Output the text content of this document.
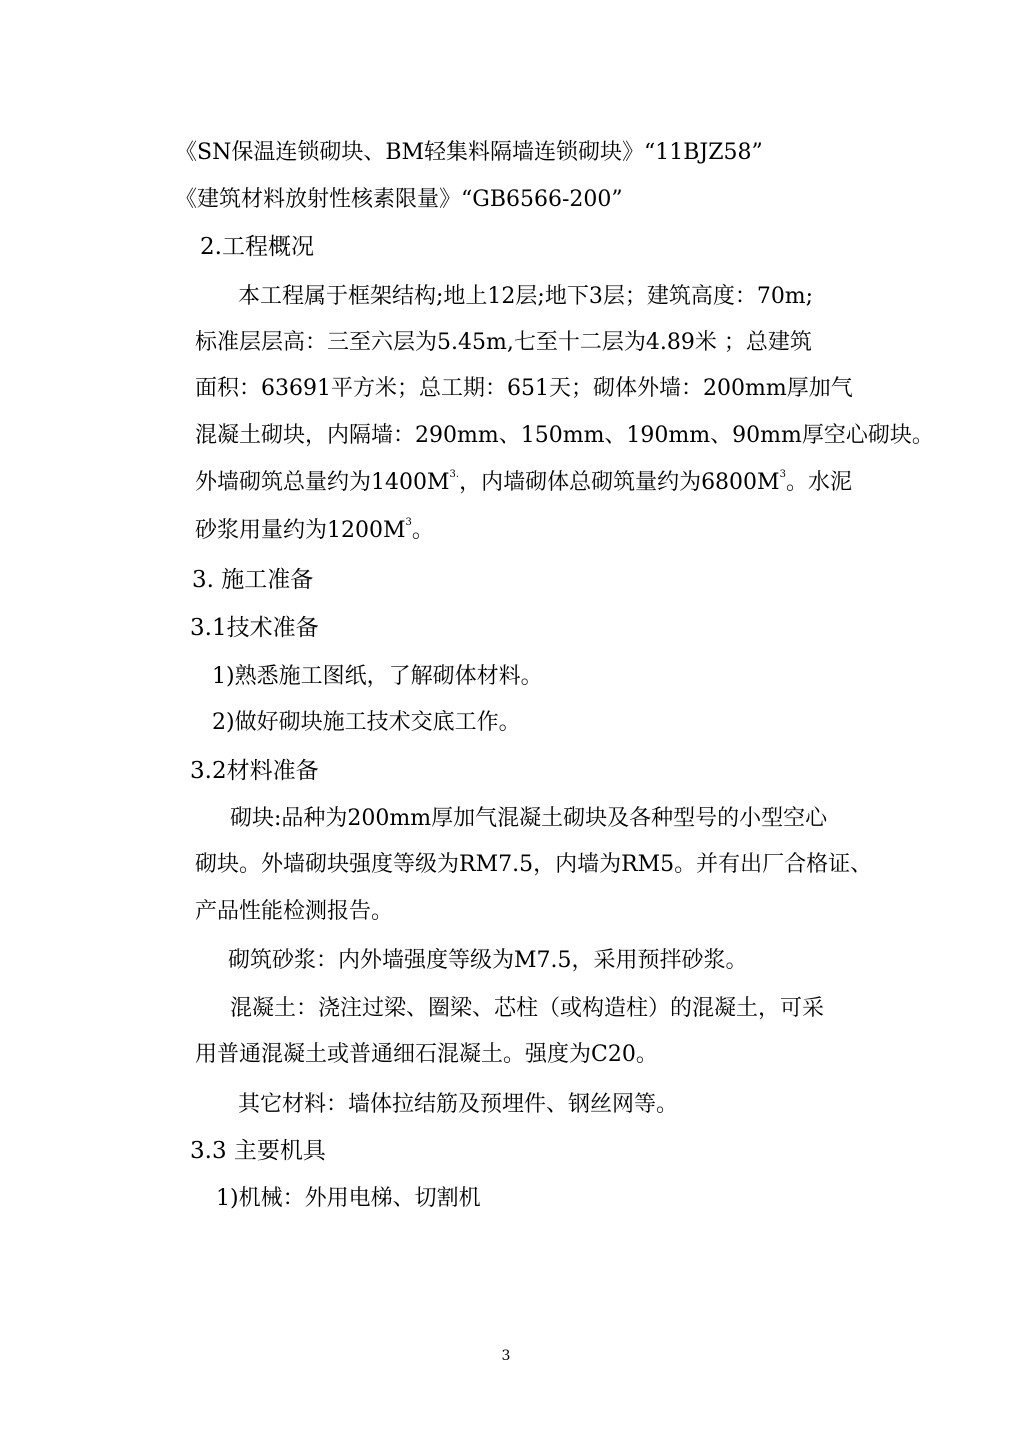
《SN保温连锁砌块、BM轻集料隔墙连锁砌块》“11BJZ58”
《建筑材料放射性核素限量》“GB6566-200”
2.工程概况
本工程属于框架结构;地上12层;地下3层；建筑高度：70m;
标准层层高：三至六层为5.45m,七至十二层为4.89米 ；总建筑
面积：63691平方米；总工期：651天；砌体外墙：200mm厚加气
混凝土砌块，内隔墙：290mm、150mm、190mm、90mm厚空心砌块。
外墙砌筑总量约为$1400M^{3.}$，内墙砌体总砌筑量约为$6800M^3$。水泥
砂浆用量约为$1200M^3$。
3. 施工准备
3.1技术准备
1)熟悉施工图纸，了解砌体材料。
2)做好砌块施工技术交底工作。
3.2材料准备
砌块:品种为200mm厚加气混凝土砌块及各种型号的小型空心
砌块。外墙砌块强度等级为RM7.5，内墙为RM5。并有出厂合格证、
产品性能检测报告。
砌筑砂浆：内外墙强度等级为M7.5，采用预拌砂浆。
混凝土：浇注过梁、圈梁、芯柱（或构造柱）的混凝土，可采
用普通混凝土或普通细石混凝土。强度为C20。
其它材料：墙体拉结筋及预埋件、钢丝网等。
3.3 主要机具
1)机械：外用电梯、切割机
3
